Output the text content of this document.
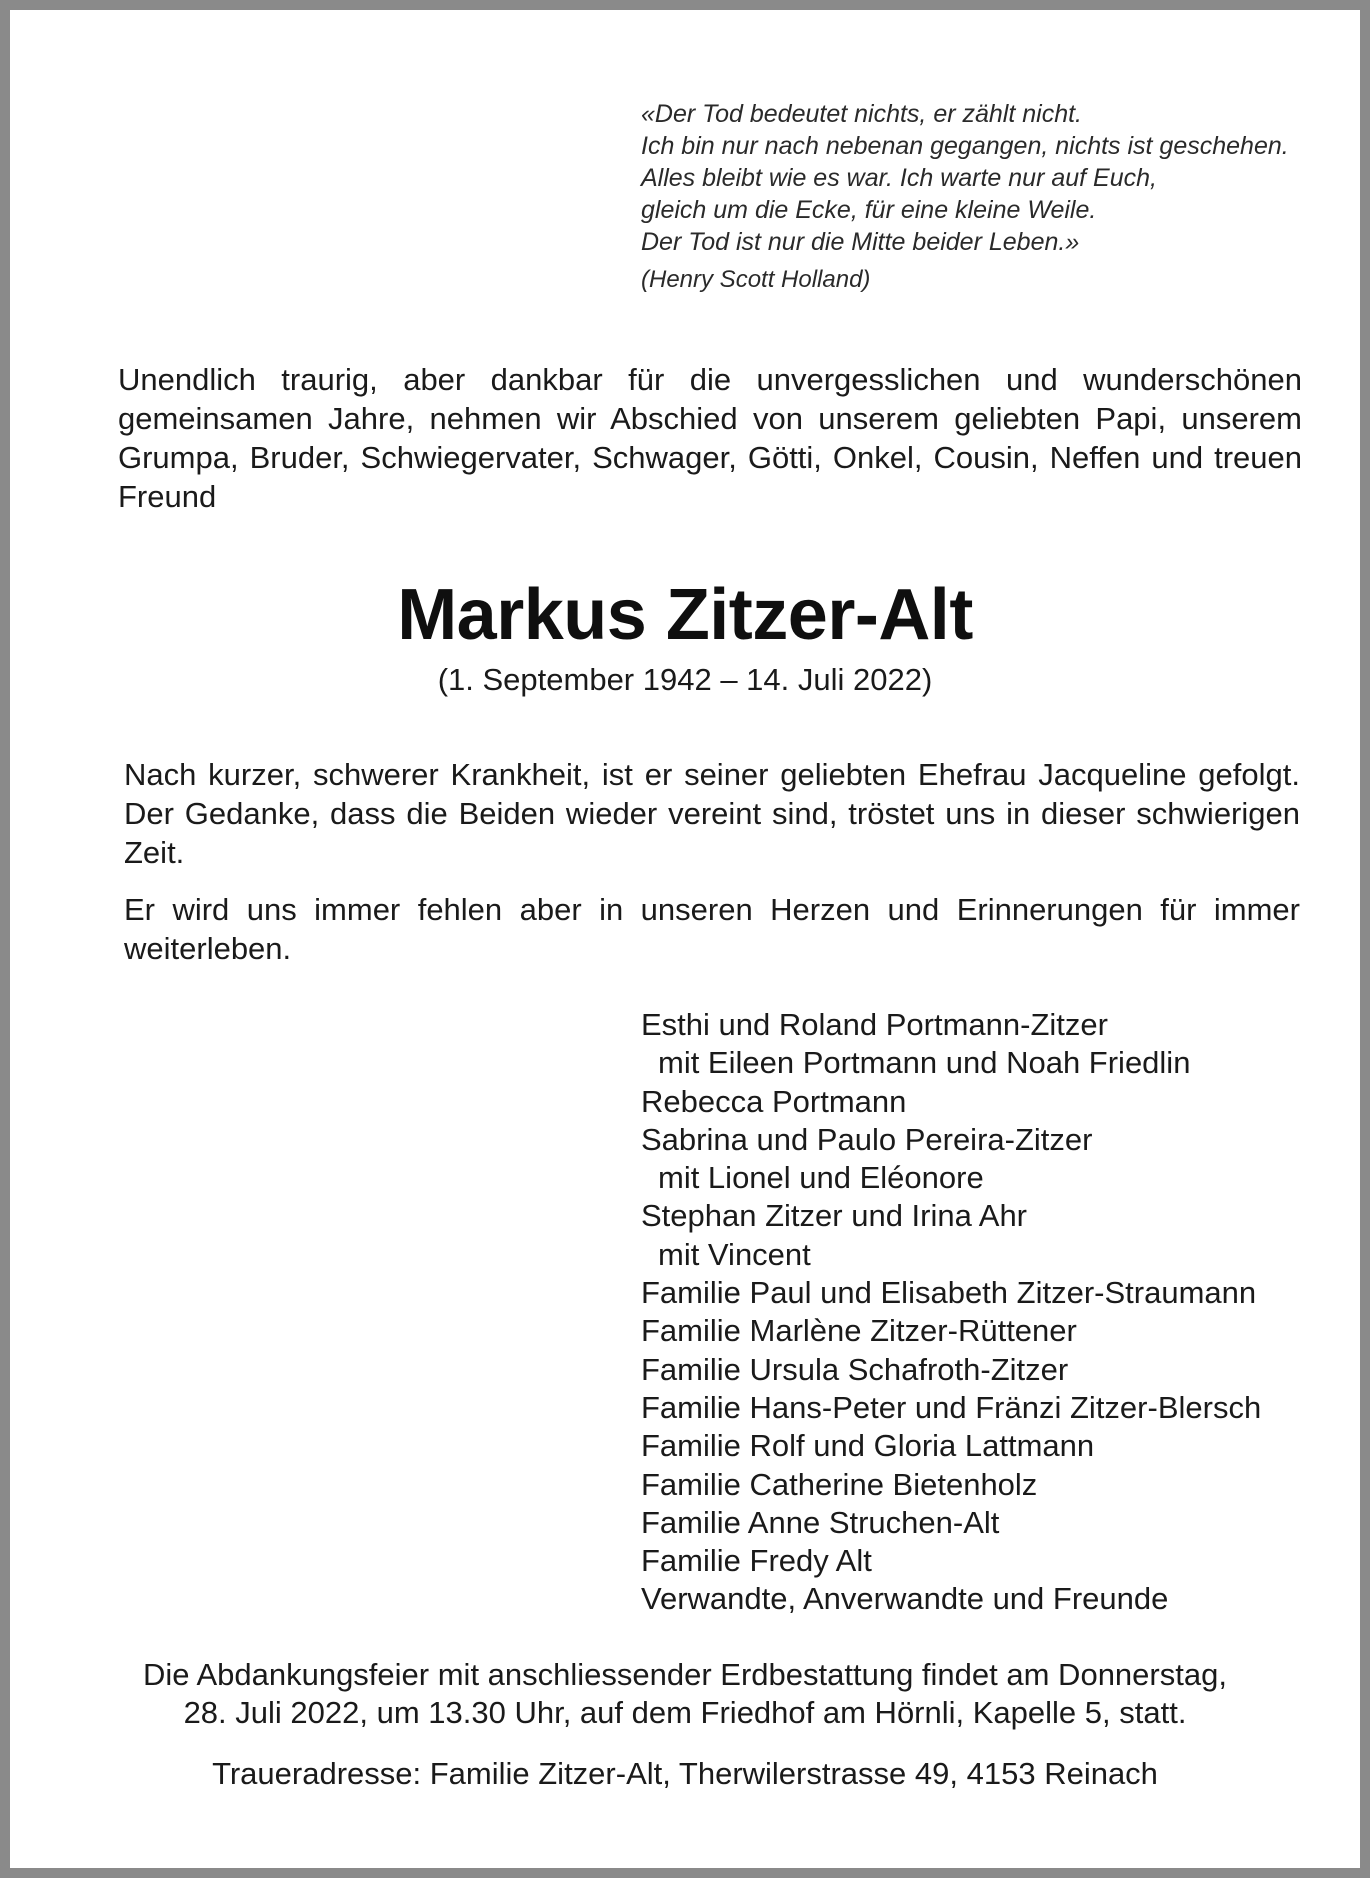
«Der Tod bedeutet nichts, er zählt nicht.
Ich bin nur nach nebenan gegangen, nichts ist geschehen.
Alles bleibt wie es war. Ich warte nur auf Euch,
gleich um die Ecke, für eine kleine Weile.
Der Tod ist nur die Mitte beider Leben.»
(Henry Scott Holland)
Unendlich traurig, aber dankbar für die unvergesslichen und wunderschönen gemeinsamen Jahre, nehmen wir Abschied von unserem geliebten Papi, unserem Grumpa, Bruder, Schwiegervater, Schwager, Götti, Onkel, Cousin, Neffen und treuen Freund
Markus Zitzer-Alt
(1. September 1942 – 14. Juli 2022)
Nach kurzer, schwerer Krankheit, ist er seiner geliebten Ehefrau Jacqueline gefolgt. Der Gedanke, dass die Beiden wieder vereint sind, tröstet uns in dieser schwierigen Zeit.
Er wird uns immer fehlen aber in unseren Herzen und Erinnerungen für immer weiterleben.
Esthi und Roland Portmann-Zitzer
mit Eileen Portmann und Noah Friedlin
Rebecca Portmann
Sabrina und Paulo Pereira-Zitzer
mit Lionel und Eléonore
Stephan Zitzer und Irina Ahr
mit Vincent
Familie Paul und Elisabeth Zitzer-Straumann
Familie Marlène Zitzer-Rüttener
Familie Ursula Schafroth-Zitzer
Familie Hans-Peter und Fränzi Zitzer-Blersch
Familie Rolf und Gloria Lattmann
Familie Catherine Bietenholz
Familie Anne Struchen-Alt
Familie Fredy Alt
Verwandte, Anverwandte und Freunde
Die Abdankungsfeier mit anschliessender Erdbestattung findet am Donnerstag,
28. Juli 2022, um 13.30 Uhr, auf dem Friedhof am Hörnli, Kapelle 5, statt.
Traueradresse: Familie Zitzer-Alt, Therwilerstrasse 49, 4153 Reinach
